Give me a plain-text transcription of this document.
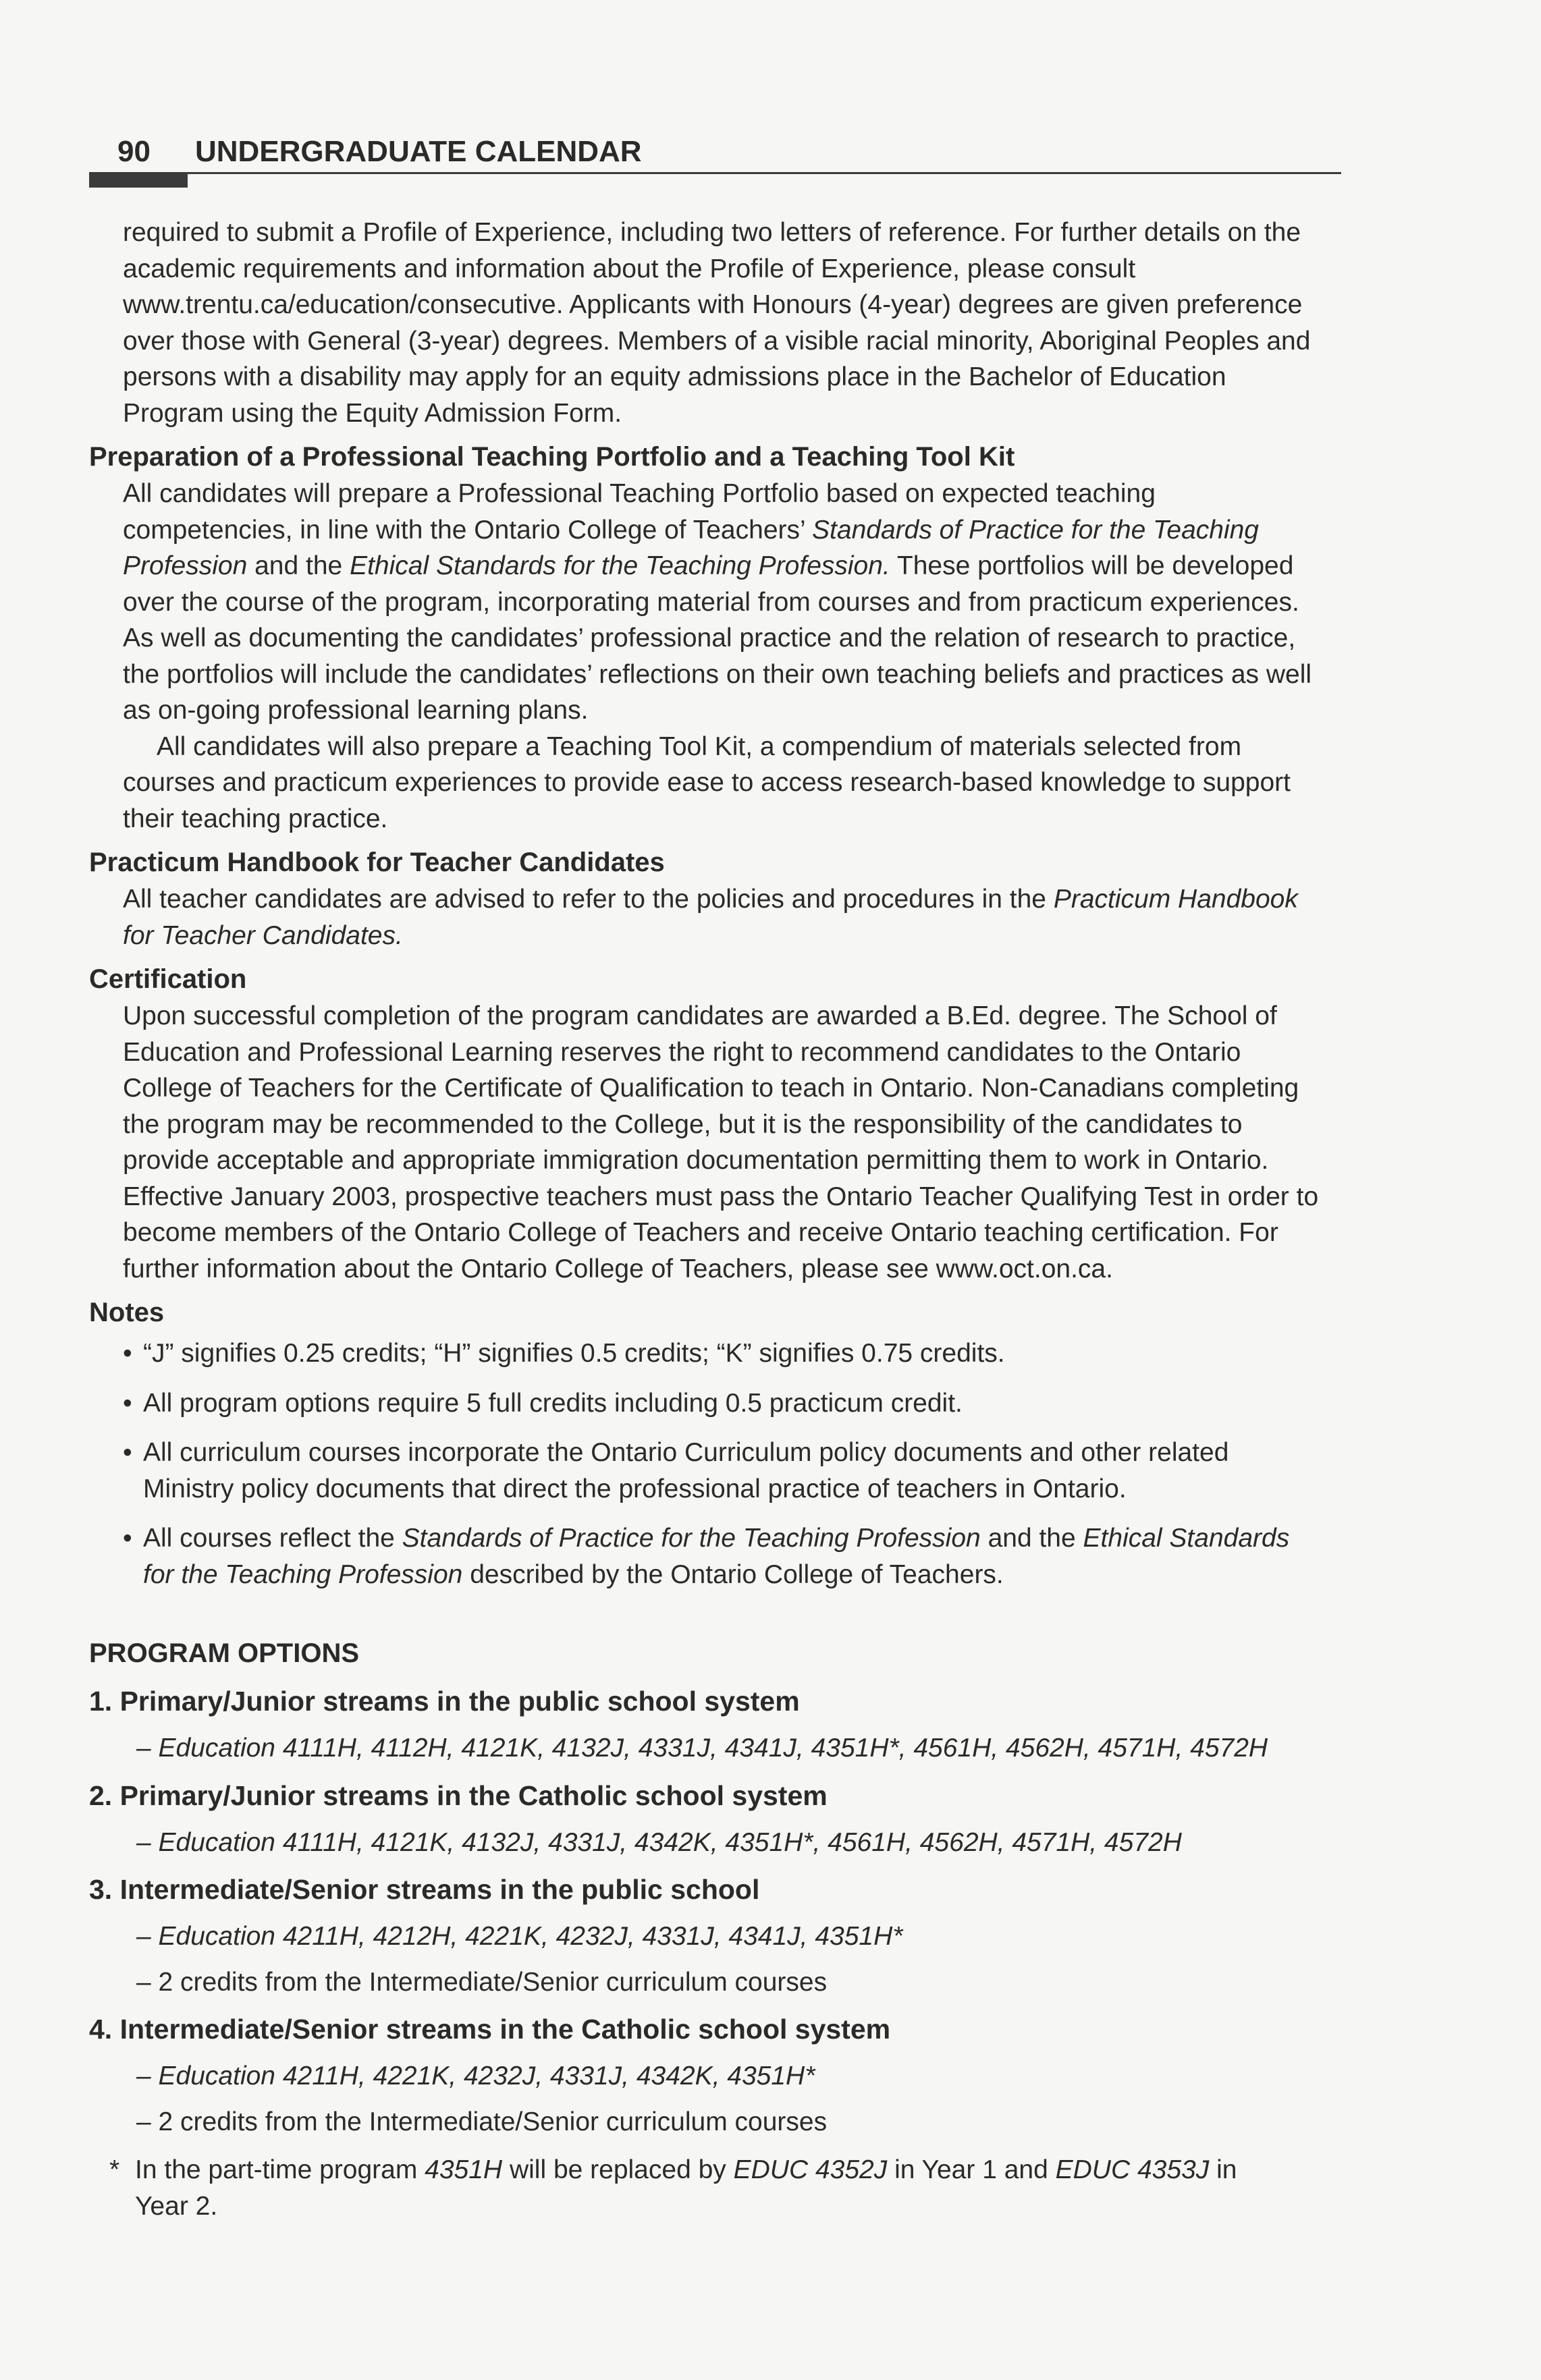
90 UNDERGRADUATE CALENDAR

required to submit a Profile of Experience, including two letters of reference. For further details on the academic requirements and information about the Profile of Experience, please consult www.trentu.ca/education/consecutive. Applicants with Honours (4-year) degrees are given preference over those with General (3-year) degrees. Members of a visible racial minority, Aboriginal Peoples and persons with a disability may apply for an equity admissions place in the Bachelor of Education Program using the Equity Admission Form.

Preparation of a Professional Teaching Portfolio and a Teaching Tool Kit

All candidates will prepare a Professional Teaching Portfolio based on expected teaching competencies, in line with the Ontario College of Teachers’ Standards of Practice for the Teaching Profession and the Ethical Standards for the Teaching Profession. These portfolios will be developed over the course of the program, incorporating material from courses and from practicum experiences. As well as documenting the candidates’ professional practice and the relation of research to practice, the portfolios will include the candidates’ reflections on their own teaching beliefs and practices as well as on-going professional learning plans.

All candidates will also prepare a Teaching Tool Kit, a compendium of materials selected from courses and practicum experiences to provide ease to access research-based knowledge to support their teaching practice.

Practicum Handbook for Teacher Candidates

All teacher candidates are advised to refer to the policies and procedures in the Practicum Handbook for Teacher Candidates.

Certification

Upon successful completion of the program candidates are awarded a B.Ed. degree. The School of Education and Professional Learning reserves the right to recommend candidates to the Ontario College of Teachers for the Certificate of Qualification to teach in Ontario. Non-Canadians completing the program may be recommended to the College, but it is the responsibility of the candidates to provide acceptable and appropriate immigration documentation permitting them to work in Ontario. Effective January 2003, prospective teachers must pass the Ontario Teacher Qualifying Test in order to become members of the Ontario College of Teachers and receive Ontario teaching certification. For further information about the Ontario College of Teachers, please see www.oct.on.ca.

Notes
• “J” signifies 0.25 credits; “H” signifies 0.5 credits; “K” signifies 0.75 credits.
• All program options require 5 full credits including 0.5 practicum credit.
• All curriculum courses incorporate the Ontario Curriculum policy documents and other related Ministry policy documents that direct the professional practice of teachers in Ontario.
• All courses reflect the Standards of Practice for the Teaching Profession and the Ethical Standards for the Teaching Profession described by the Ontario College of Teachers.
PROGRAM OPTIONS
1. Primary/Junior streams in the public school system
– Education 4111H, 4112H, 4121K, 4132J, 4331J, 4341J, 4351H*, 4561H, 4562H, 4571H, 4572H
2. Primary/Junior streams in the Catholic school system
– Education 4111H, 4121K, 4132J, 4331J, 4342K, 4351H*, 4561H, 4562H, 4571H, 4572H
3. Intermediate/Senior streams in the public school
– Education 4211H, 4212H, 4221K, 4232J, 4331J, 4341J, 4351H*
– 2 credits from the Intermediate/Senior curriculum courses
4. Intermediate/Senior streams in the Catholic school system
– Education 4211H, 4221K, 4232J, 4331J, 4342K, 4351H*
– 2 credits from the Intermediate/Senior curriculum courses
* In the part-time program 4351H will be replaced by EDUC 4352J in Year 1 and EDUC 4353J in Year 2.
